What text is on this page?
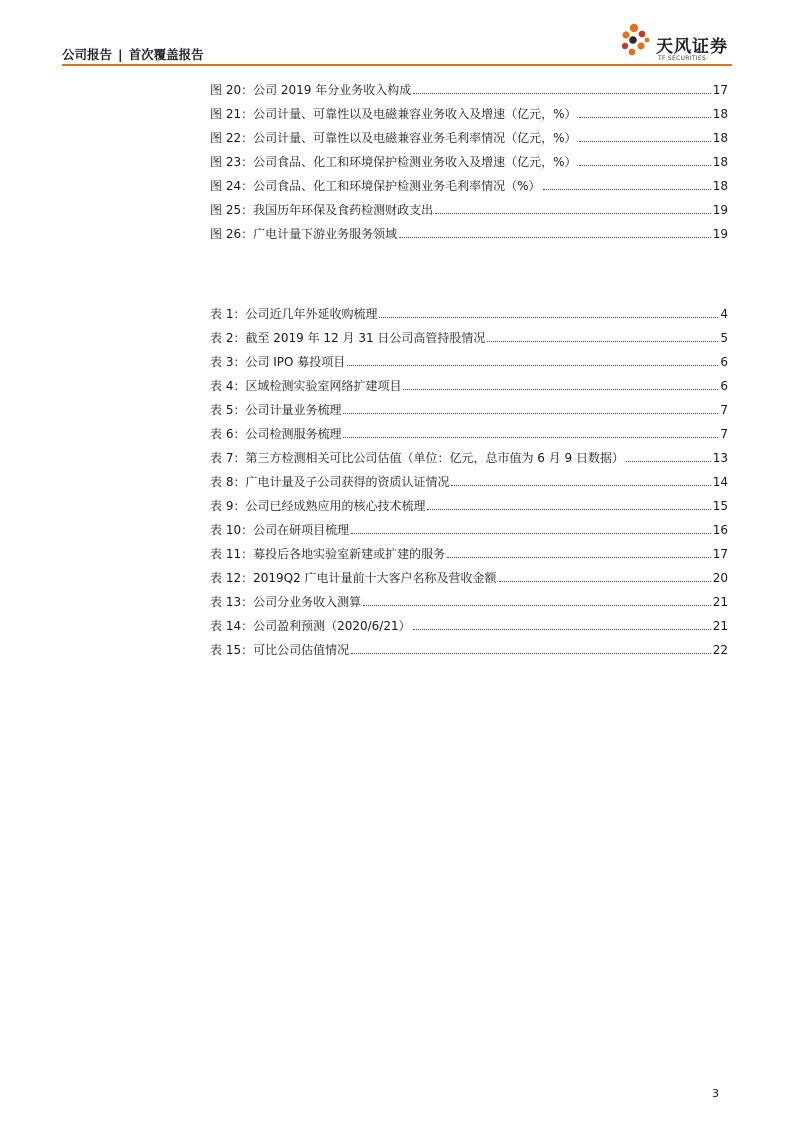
公司报告 | 首次覆盖报告	天风证券
TF SECURITIES
图 20：公司 2019 年分业务收入构成	17
图 21：公司计量、可靠性以及电磁兼容业务收入及增速（亿元，%）	18
图 22：公司计量、可靠性以及电磁兼容业务毛利率情况（亿元，%）	18
图 23：公司食品、化工和环境保护检测业务收入及增速（亿元，%）	18
图 24：公司食品、化工和环境保护检测业务毛利率情况（%）	18
图 25：我国历年环保及食药检测财政支出	19
图 26：广电计量下游业务服务领域	19
表 1：公司近几年外延收购梳理	4
表 2：截至 2019 年 12 月 31 日公司高管持股情况	5
表 3：公司 IPO 募投项目	6
表 4：区域检测实验室网络扩建项目	6
表 5：公司计量业务梳理	7
表 6：公司检测服务梳理	7
表 7：第三方检测相关可比公司估值（单位：亿元，总市值为 6 月 9 日数据）	13
表 8：广电计量及子公司获得的资质认证情况	14
表 9：公司已经成熟应用的核心技术梳理	15
表 10：公司在研项目梳理	16
表 11：募投后各地实验室新建或扩建的服务	17
表 12：2019Q2 广电计量前十大客户名称及营收金额	20
表 13：公司分业务收入测算	21
表 14：公司盈利预测（2020/6/21）	21
表 15：可比公司估值情况	22
3
